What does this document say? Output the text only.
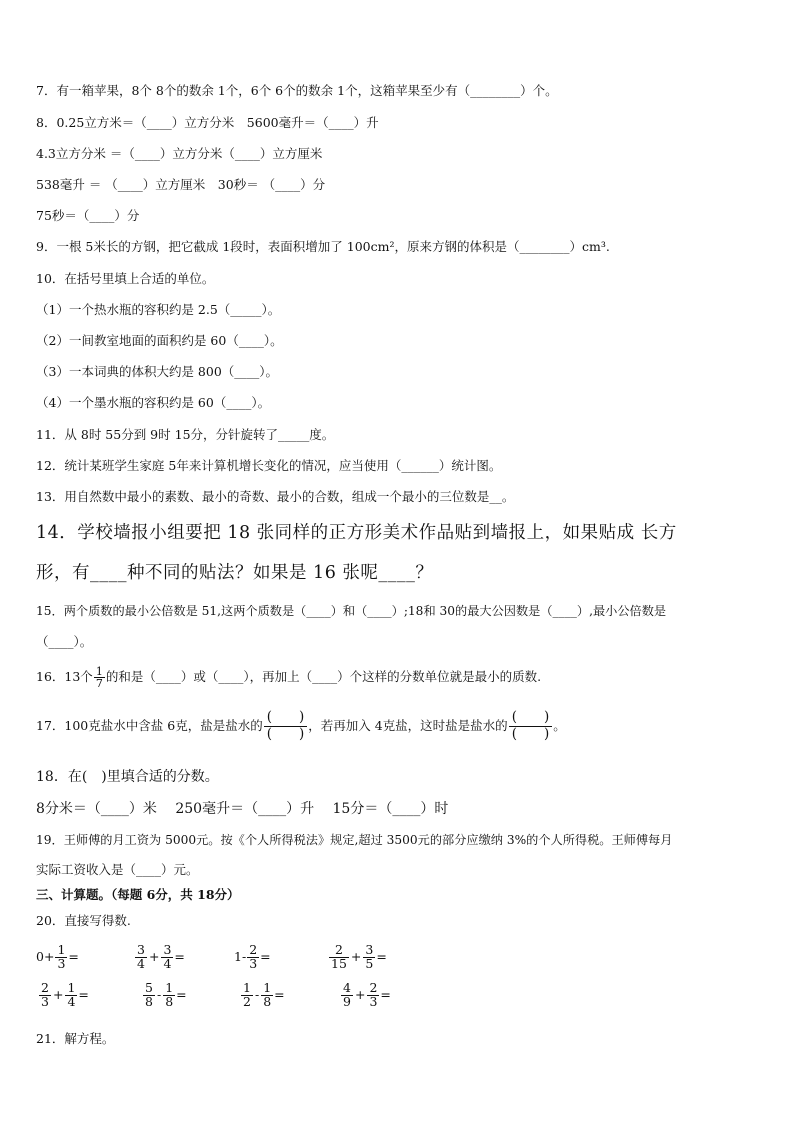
7．有一箱苹果，8个 8个的数余 1个，6个 6个的数余 1个，这箱苹果至少有（________）个。
8．0.25立方米＝（____）立方分米　5600毫升＝（____）升
4.3立方分米 ＝（____）立方分米（____）立方厘米
538毫升 ＝ （____）立方厘米　30秒＝ （____）分
75秒＝（____）分
9．一根 5米长的方钢，把它截成 1段时，表面积增加了 100cm²，原来方钢的体积是（________）cm³.
10．在括号里填上合适的单位。
（1）一个热水瓶的容积约是 2.5（_____）。
（2）一间教室地面的面积约是 60（____）。
（3）一本词典的体积大约是 800（____）。
（4）一个墨水瓶的容积约是 60（____）。
11．从 8时 55分到 9时 15分，分针旋转了_____度。
12．统计某班学生家庭 5年来计算机增长变化的情况，应当使用（______）统计图。
13．用自然数中最小的素数、最小的奇数、最小的合数，组成一个最小的三位数是__。
14．学校墙报小组要把 18 张同样的正方形美术作品贴到墙报上，如果贴成 长方
形，有____种不同的贴法？如果是 16 张呢____？
15．两个质数的最小公倍数是 51,这两个质数是（____）和（____）;18和 30的最大公因数是（____）,最小公倍数是
（____）。
16．13个 $\frac{1}{7}$ 的和是（____）或（____），再加上（____）个这样的分数单位就是最小的质数.
17．100克盐水中含盐 6克，盐是盐水的 $\frac{( )}{( )}$ ，若再加入 4克盐，这时盐是盐水的 $\frac{( )}{( )}$ 。
18．在(　)里填合适的分数。
8分米＝（____）米　 250毫升＝（____）升　 15分＝（____）时
19．王师傅的月工资为 5000元。按《个人所得税法》规定,超过 3500元的部分应缴纳 3%的个人所得税。王师傅每月
实际工资收入是（____）元。
三、计算题。（每题 6分，共 18分）
20．直接写得数.
$0+ \frac{1}{3}$ =	$\frac{3}{4} + \frac{3}{4}$ =	$1- \frac{2}{3}$ =	$\frac{2}{15} + \frac{3}{5}$ =
$\frac{2}{3} + \frac{1}{4}$ =	$\frac{5}{8} - \frac{1}{8}$ =	$\frac{1}{2} - \frac{1}{8}$ =	$\frac{4}{9} + \frac{2}{3}$ =
21．解方程。
